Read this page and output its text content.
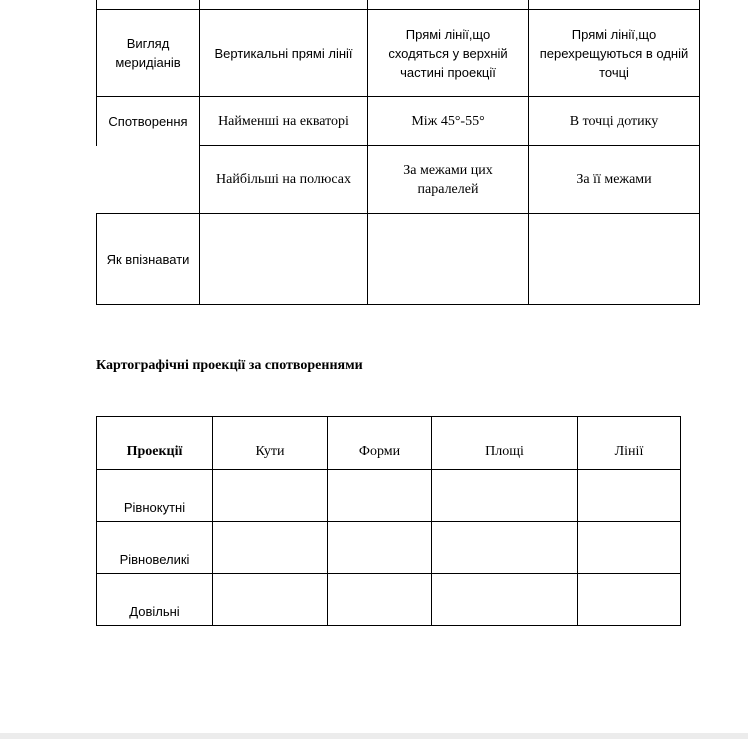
Вигляд меридіанів	Вертикальні прямі лінії	Прямі лінії,що сходяться у верхній частині проекції	Прямі лінії,що перехрещуються в одній точці
Спотворення	Найменші на екваторі	Між 45°-55°	В точці дотику
	Найбільші на полюсах	За межами цих паралелей	За її межами
Як впізнавати			
Картографічні проекції за спотвореннями
Проекції	Кути	Форми	Площі	Лінії
Рівнокутні				
Рівновеликі				
Довільні				
